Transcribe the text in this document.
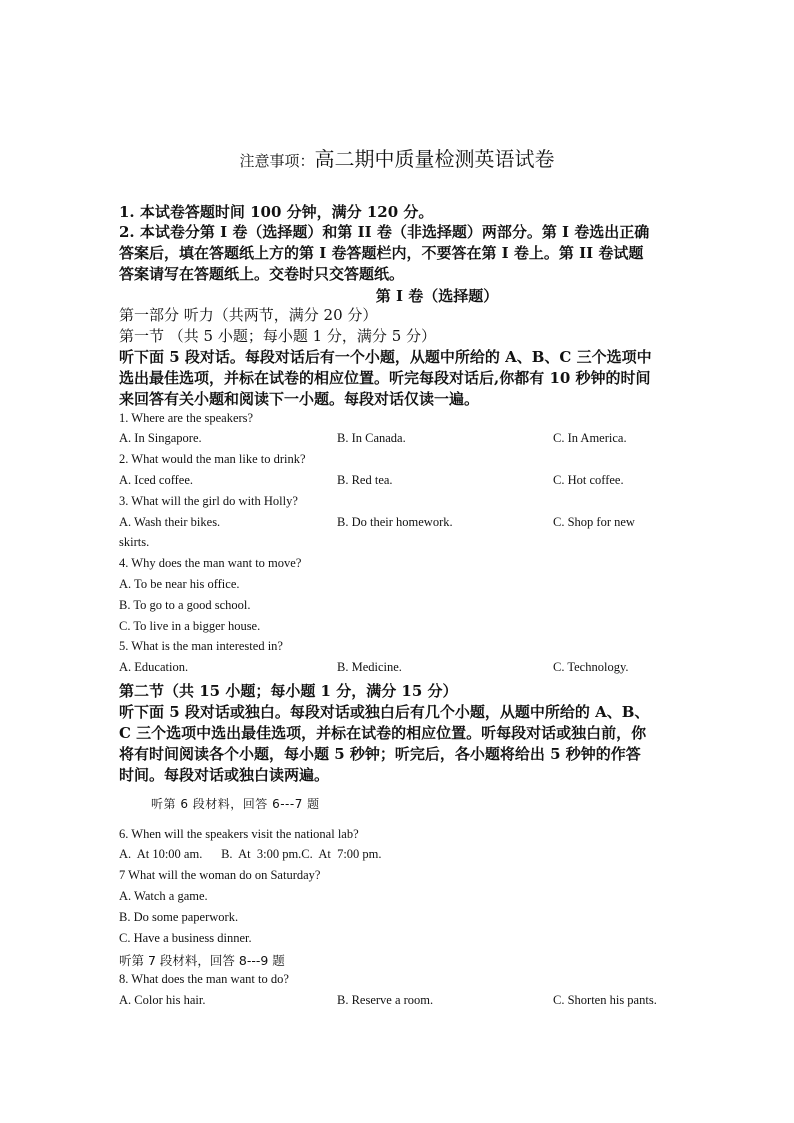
注意事项：高二期中质量检测英语试卷
1. 本试卷答题时间 100 分钟，满分 120 分。
2. 本试卷分第 I 卷（选择题）和第 II 卷（非选择题）两部分。第 I 卷选出正确
答案后，填在答题纸上方的第 I 卷答题栏内，不要答在第 I 卷上。第 II 卷试题
答案请写在答题纸上。交卷时只交答题纸。
第 I 卷（选择题）
第一部分 听力（共两节，满分 20 分）
第一节 （共 5 小题；每小题 1 分，满分 5 分）
听下面 5 段对话。每段对话后有一个小题，从题中所给的 A、B、C 三个选项中
选出最佳选项，并标在试卷的相应位置。听完每段对话后,你都有 10 秒钟的时间
来回答有关小题和阅读下一小题。每段对话仅读一遍。
1. Where are the speakers?
A. In Singapore.	B. In Canada.	C. In America.
2. What would the man like to drink?
A. Iced coffee.	B. Red tea.	C. Hot coffee.
3. What will the girl do with Holly?
A. Wash their bikes.	B. Do their homework.	C. Shop for new
skirts.
4. Why does the man want to move?
A. To be near his office.
B. To go to a good school.
C. To live in a bigger house.
5. What is the man interested in?
A. Education.	B. Medicine.	C. Technology.
第二节（共 15 小题；每小题 1 分，满分 15 分）
听下面 5 段对话或独白。每段对话或独白后有几个小题，从题中所给的 A、B、
C 三个选项中选出最佳选项，并标在试卷的相应位置。听每段对话或独白前，你
将有时间阅读各个小题，每小题 5 秒钟；听完后，各小题将给出 5 秒钟的作答
时间。每段对话或独白读两遍。
听第 6 段材料，回答 6---7 题
6. When will the speakers visit the national lab?
A.  At 10:00 am.      B.  At  3:00 pm.C.  At  7:00 pm.
7 What will the woman do on Saturday?
A. Watch a game.
B. Do some paperwork.
C. Have a business dinner.
听第 7 段材料，回答 8---9 题
8. What does the man want to do?
A. Color his hair.	B. Reserve a room.	C. Shorten his pants.
